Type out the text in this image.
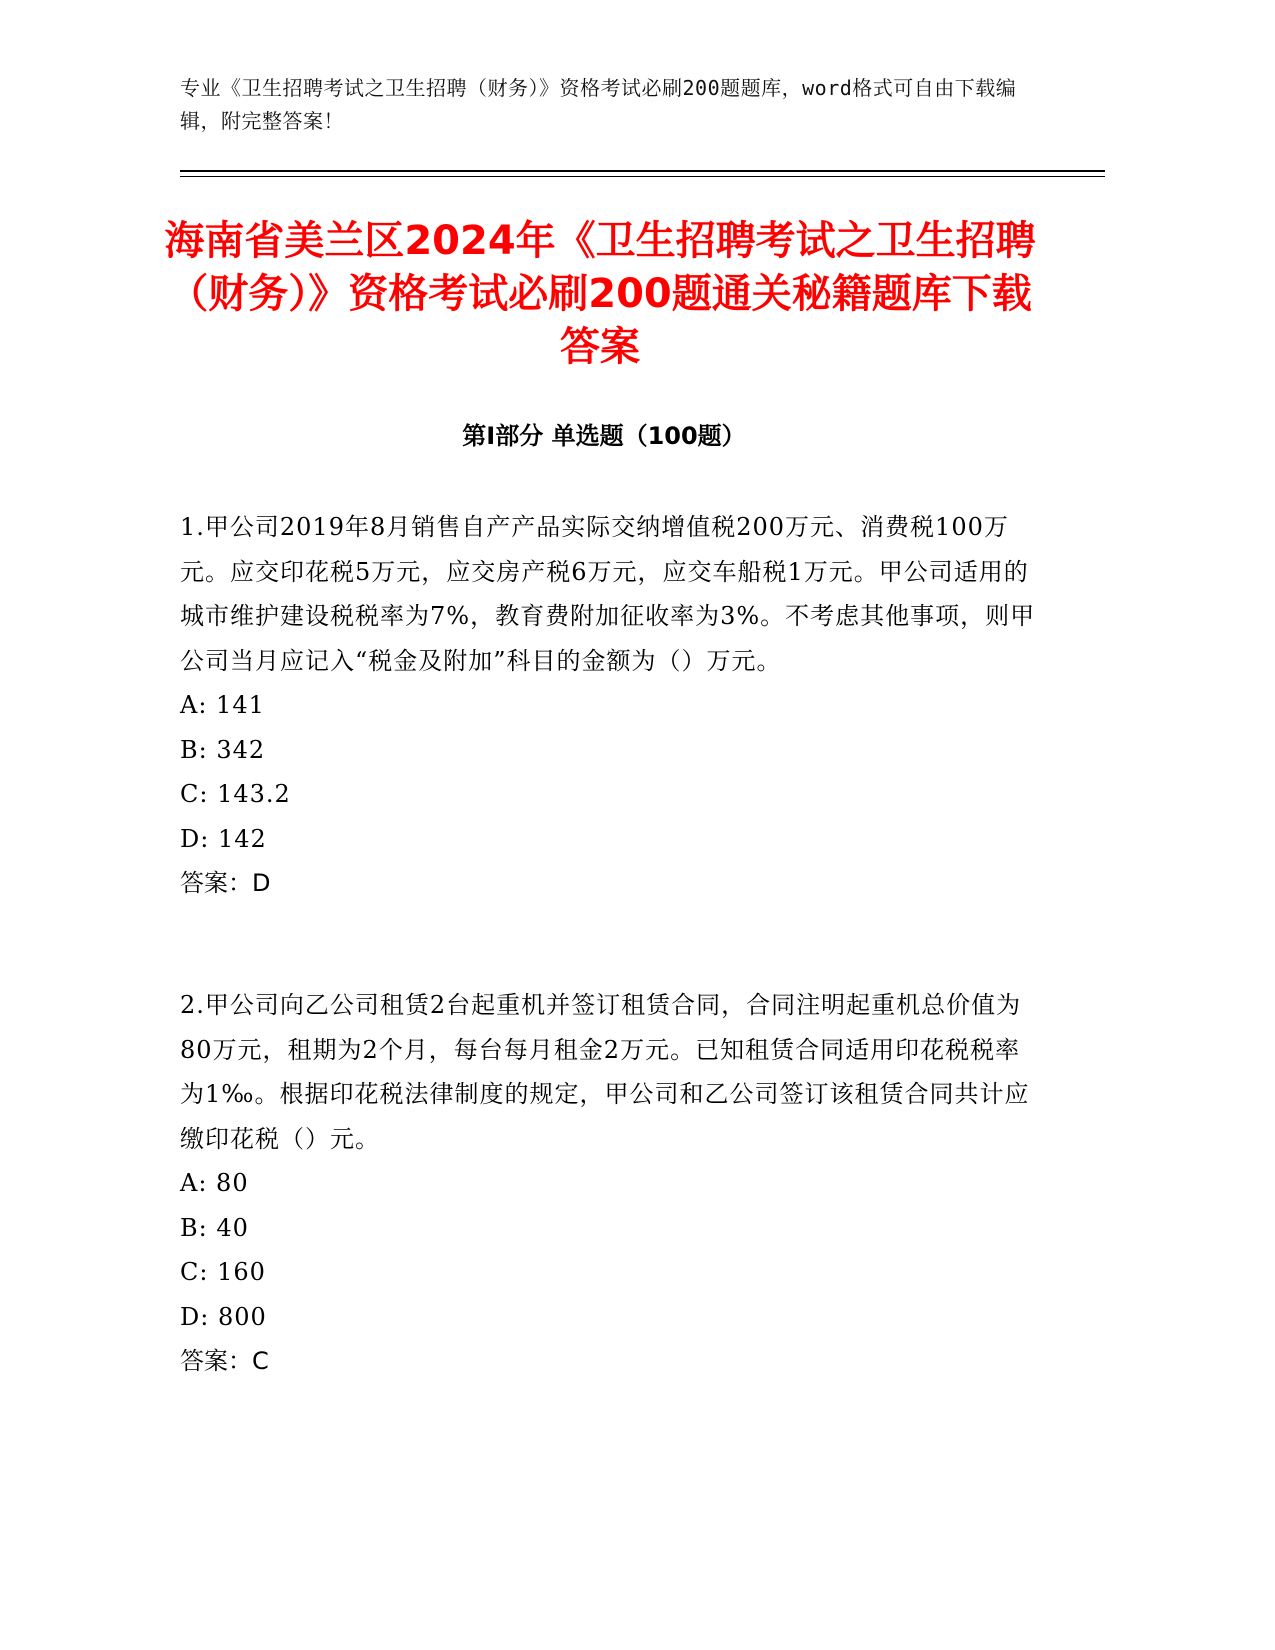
专业《卫生招聘考试之卫生招聘（财务）》资格考试必刷200题题库，word格式可自由下载编辑，附完整答案！
海南省美兰区2024年《卫生招聘考试之卫生招聘（财务）》资格考试必刷200题通关秘籍题库下载答案
第Ⅰ部分 单选题（100题）

1.甲公司2019年8月销售自产产品实际交纳增值税200万元、消费税100万元。应交印花税5万元，应交房产税6万元，应交车船税1万元。甲公司适用的城市维护建设税税率为7%，教育费附加征收率为3%。不考虑其他事项，则甲公司当月应记入“税金及附加”科目的金额为（）万元。

A: 141

B: 342

C: 143.2

D: 142

答案：D

2.甲公司向乙公司租赁2台起重机并签订租赁合同，合同注明起重机总价值为80万元，租期为2个月，每台每月租金2万元。已知租赁合同适用印花税税率为1‰。根据印花税法律制度的规定，甲公司和乙公司签订该租赁合同共计应缴印花税（）元。

A: 80

B: 40

C: 160

D: 800

答案：C
